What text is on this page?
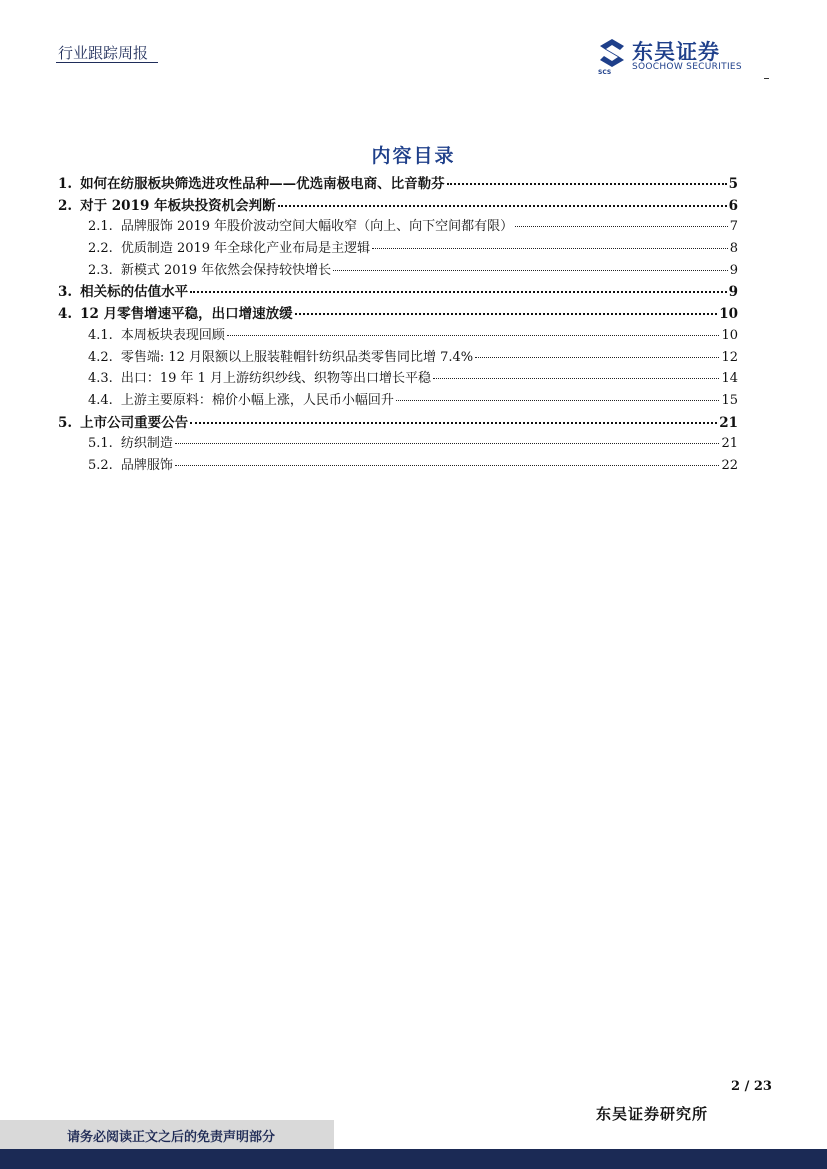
行业跟踪周报	东吴证券
SOOCHOW SECURITIES
SCS
内容目录
1. 如何在纺服板块筛选进攻性品种——优选南极电商、比音勒芬	5
2. 对于 2019 年板块投资机会判断	6
2.1. 品牌服饰 2019 年股价波动空间大幅收窄（向上、向下空间都有限）	7
2.2. 优质制造 2019 年全球化产业布局是主逻辑	8
2.3. 新模式 2019 年依然会保持较快增长	9
3. 相关标的估值水平	9
4. 12 月零售增速平稳，出口增速放缓	10
4.1. 本周板块表现回顾	10
4.2. 零售端: 12 月限额以上服装鞋帽针纺织品类零售同比增 7.4%	12
4.3. 出口：19 年 1 月上游纺织纱线、织物等出口增长平稳	14
4.4. 上游主要原料：棉价小幅上涨，人民币小幅回升	15
5. 上市公司重要公告	21
5.1. 纺织制造	21
5.2. 品牌服饰	22
2 / 23
东吴证券研究所
请务必阅读正文之后的免责声明部分
